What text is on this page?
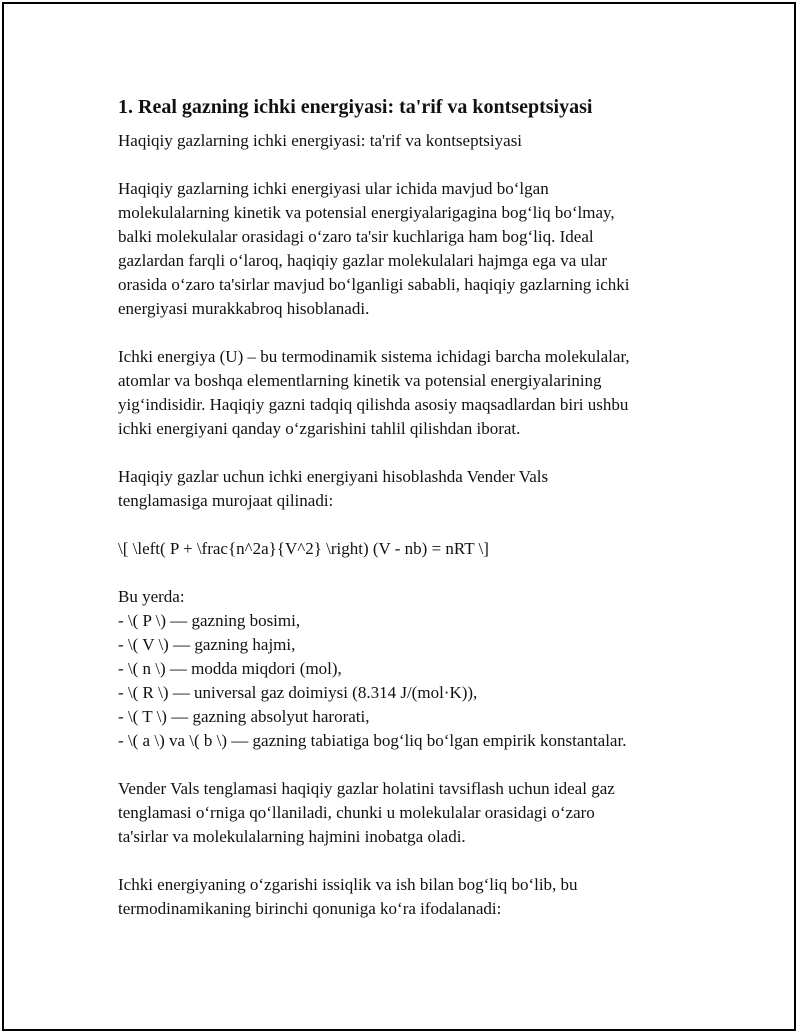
1. Real gazning ichki energiyasi: ta'rif va kontseptsiyasi

Haqiqiy gazlarning ichki energiyasi: ta'rif va kontseptsiyasi

Haqiqiy gazlarning ichki energiyasi ular ichida mavjud bo‘lgan
molekulalarning kinetik va potensial energiyalarigagina bog‘liq bo‘lmay,
balki molekulalar orasidagi o‘zaro ta'sir kuchlariga ham bog‘liq. Ideal
gazlardan farqli o‘laroq, haqiqiy gazlar molekulalari hajmga ega va ular
orasida o‘zaro ta'sirlar mavjud bo‘lganligi sababli, haqiqiy gazlarning ichki
energiyasi murakkabroq hisoblanadi.

Ichki energiya (U) – bu termodinamik sistema ichidagi barcha molekulalar,
atomlar va boshqa elementlarning kinetik va potensial energiyalarining
yig‘indisidir. Haqiqiy gazni tadqiq qilishda asosiy maqsadlardan biri ushbu
ichki energiyani qanday o‘zgarishini tahlil qilishdan iborat.

Haqiqiy gazlar uchun ichki energiyani hisoblashda Vender Vals
tenglamasiga murojaat qilinadi:

\[ \left( P + \frac{n^2a}{V^2} \right) (V - nb) = nRT \]

Bu yerda:
- \( P \) — gazning bosimi,
- \( V \) — gazning hajmi,
- \( n \) — modda miqdori (mol),
- \( R \) — universal gaz doimiysi (8.314 J/(mol·K)),
- \( T \) — gazning absolyut harorati,
- \( a \) va \( b \) — gazning tabiatiga bog‘liq bo‘lgan empirik konstantalar.

Vender Vals tenglamasi haqiqiy gazlar holatini tavsiflash uchun ideal gaz
tenglamasi o‘rniga qo‘llaniladi, chunki u molekulalar orasidagi o‘zaro
ta'sirlar va molekulalarning hajmini inobatga oladi.

Ichki energiyaning o‘zgarishi issiqlik va ish bilan bog‘liq bo‘lib, bu
termodinamikaning birinchi qonuniga ko‘ra ifodalanadi:
